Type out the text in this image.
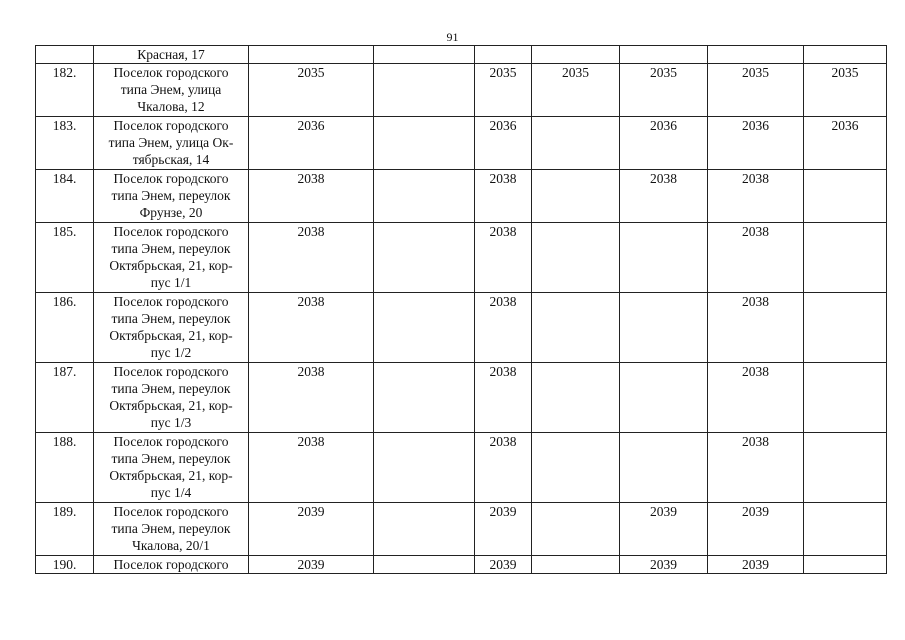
91
	Красная, 17							
182.	Поселок городского
типа Энем, улица
Чкалова, 12	2035		2035	2035	2035	2035	2035
183.	Поселок городского
типа Энем, улица Ок-
тябрьская, 14	2036		2036		2036	2036	2036
184.	Поселок городского
типа Энем, переулок
Фрунзе, 20	2038		2038		2038	2038	
185.	Поселок городского
типа Энем, переулок
Октябрьская, 21, кор-
пус 1/1	2038		2038			2038	
186.	Поселок городского
типа Энем, переулок
Октябрьская, 21, кор-
пус 1/2	2038		2038			2038	
187.	Поселок городского
типа Энем, переулок
Октябрьская, 21, кор-
пус 1/3	2038		2038			2038	
188.	Поселок городского
типа Энем, переулок
Октябрьская, 21, кор-
пус 1/4	2038		2038			2038	
189.	Поселок городского
типа Энем, переулок
Чкалова, 20/1	2039		2039		2039	2039	
190.	Поселок городского	2039		2039		2039	2039	
